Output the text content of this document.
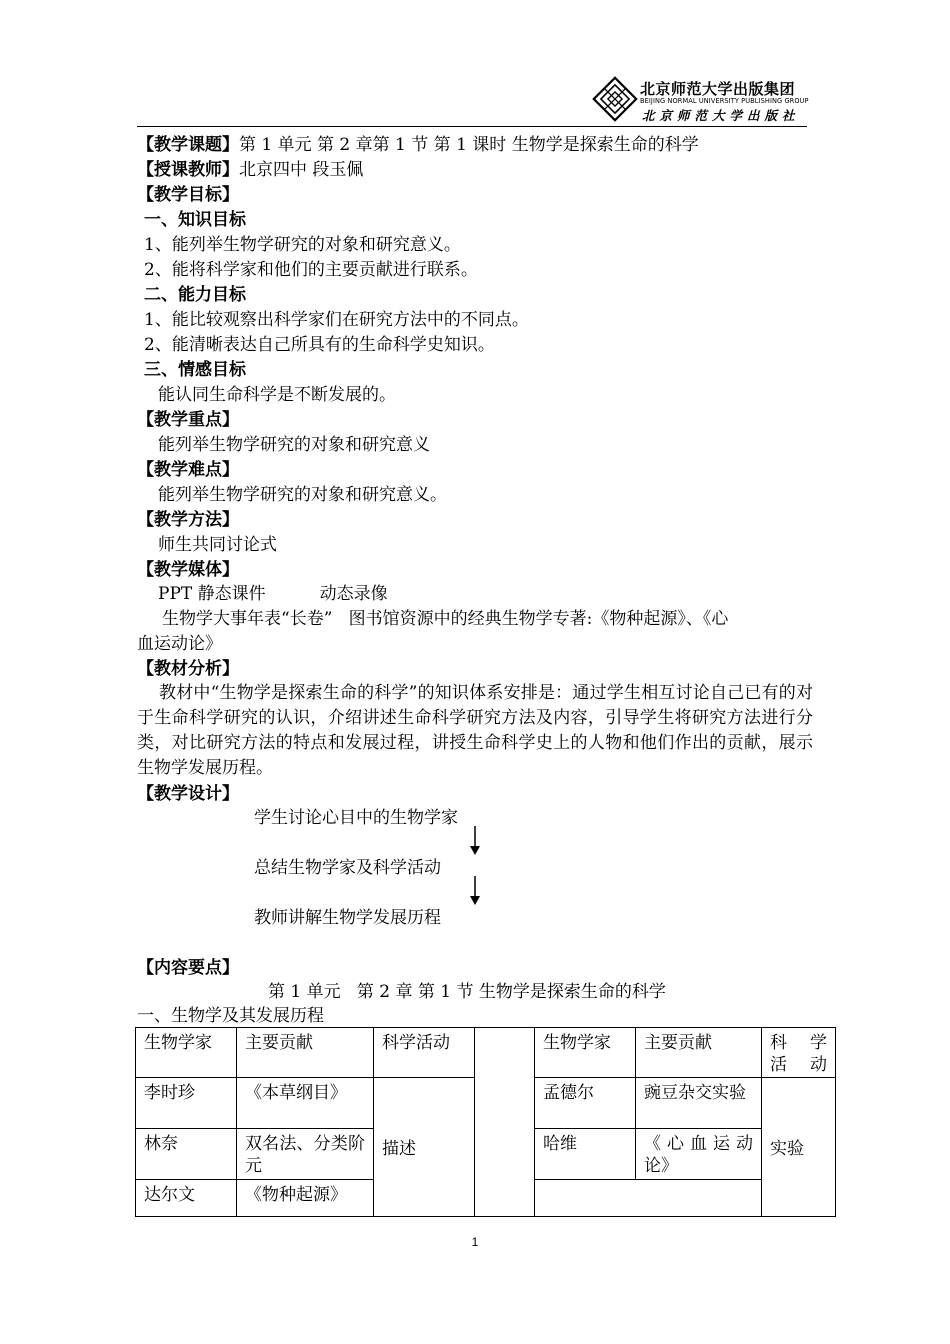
北京师范大学出版集团
BEIJING NORMAL UNIVERSITY PUBLISHING GROUP
北京师范大学出版社
【教学课题】第 1 单元 第 2 章第 1 节 第 1 课时 生物学是探索生命的科学
【授课教师】北京四中 段玉佩
【教学目标】
一、知识目标
1、能列举生物学研究的对象和研究意义。
2、能将科学家和他们的主要贡献进行联系。
二、能力目标
1、能比较观察出科学家们在研究方法中的不同点。
2、能清晰表达自己所具有的生命科学史知识。
三、情感目标
能认同生命科学是不断发展的。
【教学重点】
能列举生物学研究的对象和研究意义
【教学难点】
能列举生物学研究的对象和研究意义。
【教学方法】
师生共同讨论式
【教学媒体】
PPT 静态课件          动态录像
生物学大事年表“长卷”   图书馆资源中的经典生物学专著:《物种起源》、《心
血运动论》
【教材分析】
教材中“生物学是探索生命的科学”的知识体系安排是：通过学生相互讨论自己已有的对于生命科学研究的认识，介绍讲述生命科学研究方法及内容，引导学生将研究方法进行分类，对比研究方法的特点和发展过程，讲授生命科学史上的人物和他们作出的贡献，展示生物学发展历程。
【教学设计】
学生讨论心目中的生物学家
总结生物学家及科学活动
教师讲解生物学发展历程
【内容要点】
第 1 单元   第 2 章 第 1 节 生物学是探索生命的科学
一、生物学及其发展历程
生物学家	主要贡献	科学活动		生物学家	主要贡献	科 学 活动
李时珍	《本草纲目》	描述		孟德尔	豌豆杂交实验	实验
林奈	双名法、分类阶元			哈维	《心血运动论》	
达尔文	《物种起源》					
1
